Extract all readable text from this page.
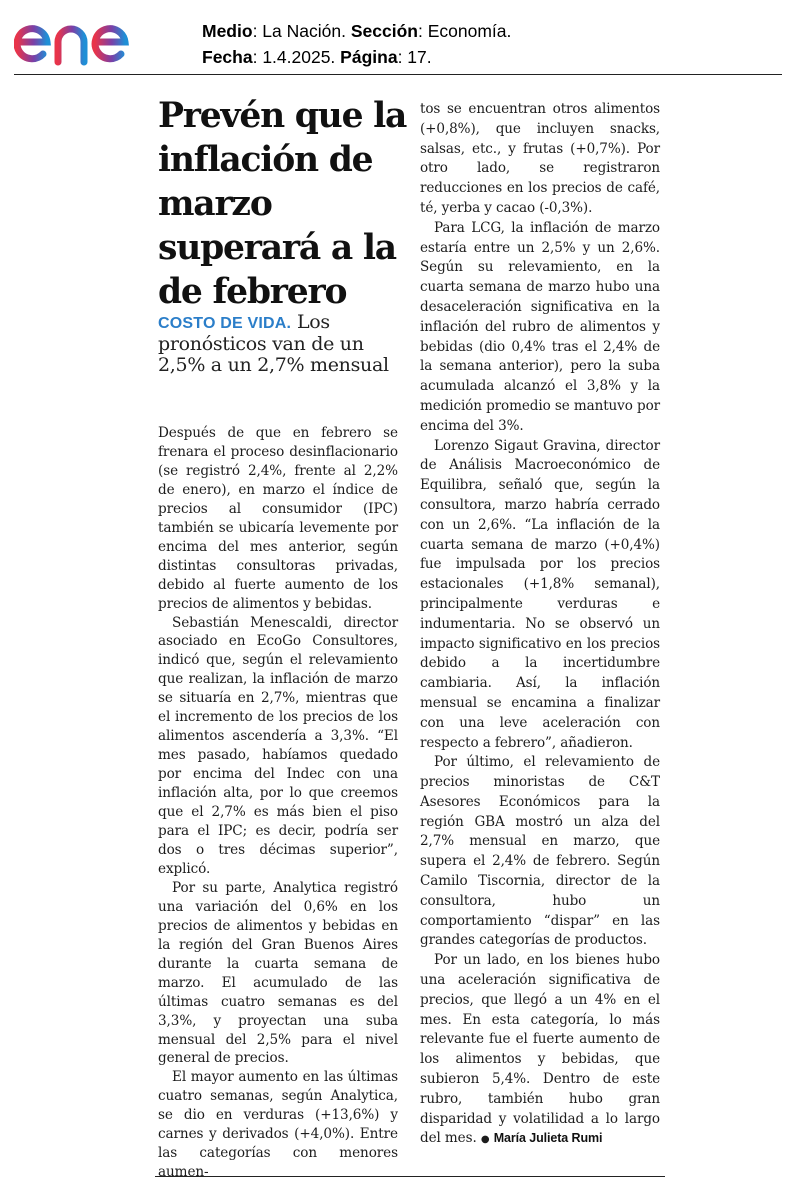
Medio: La Nación. Sección: Economía.
Fecha: 1.4.2025. Página: 17.
Prevén que la inflación de marzo superará a la de febrero

COSTO DE VIDA. Los pronósticos van de un 2,5% a un 2,7% mensual

Después de que en febrero se frenara el proceso desinflacionario (se registró 2,4%, frente al 2,2% de enero), en marzo el índice de precios al consumidor (IPC) también se ubicaría levemente por encima del mes anterior, según distintas consultoras privadas, debido al fuerte aumento de los precios de alimentos y bebidas.

Sebastián Menescaldi, director asociado en EcoGo Consultores, indicó que, según el relevamiento que realizan, la inflación de marzo se situaría en 2,7%, mientras que el incremento de los precios de los alimentos ascendería a 3,3%. “El mes pasado, habíamos quedado por encima del Indec con una inflación alta, por lo que creemos que el 2,7% es más bien el piso para el IPC; es decir, podría ser dos o tres décimas superior”, explicó.

Por su parte, Analytica registró una variación del 0,6% en los precios de alimentos y bebidas en la región del Gran Buenos Aires durante la cuarta semana de marzo. El acumulado de las últimas cuatro semanas es del 3,3%, y proyectan una suba mensual del 2,5% para el nivel general de precios.

El mayor aumento en las últimas cuatro semanas, según Analytica, se dio en verduras (+13,6%) y carnes y derivados (+4,0%). Entre las categorías con menores aumen-

tos se encuentran otros alimentos (+0,8%), que incluyen snacks, salsas, etc., y frutas (+0,7%). Por otro lado, se registraron reducciones en los precios de café, té, yerba y cacao (-0,3%).

Para LCG, la inflación de marzo estaría entre un 2,5% y un 2,6%. Según su relevamiento, en la cuarta semana de marzo hubo una desaceleración significativa en la inflación del rubro de alimentos y bebidas (dio 0,4% tras el 2,4% de la semana anterior), pero la suba acumulada alcanzó el 3,8% y la medición promedio se mantuvo por encima del 3%.

Lorenzo Sigaut Gravina, director de Análisis Macroeconómico de Equilibra, señaló que, según la consultora, marzo habría cerrado con un 2,6%. “La inflación de la cuarta semana de marzo (+0,4%) fue impulsada por los precios estacionales (+1,8% semanal), principalmente verduras e indumentaria. No se observó un impacto significativo en los precios debido a la incertidumbre cambiaria. Así, la inflación mensual se encamina a finalizar con una leve aceleración con respecto a febrero”, añadieron.

Por último, el relevamiento de precios minoristas de C&T Asesores Económicos para la región GBA mostró un alza del 2,7% mensual en marzo, que supera el 2,4% de febrero. Según Camilo Tiscornia, director de la consultora, hubo un comportamiento “dispar” en las grandes categorías de productos.

Por un lado, en los bienes hubo una aceleración significativa de precios, que llegó a un 4% en el mes. En esta categoría, lo más relevante fue el fuerte aumento de los alimentos y bebidas, que subieron 5,4%. Dentro de este rubro, también hubo gran disparidad y volatilidad a lo largo del mes. ● María Julieta Rumi
